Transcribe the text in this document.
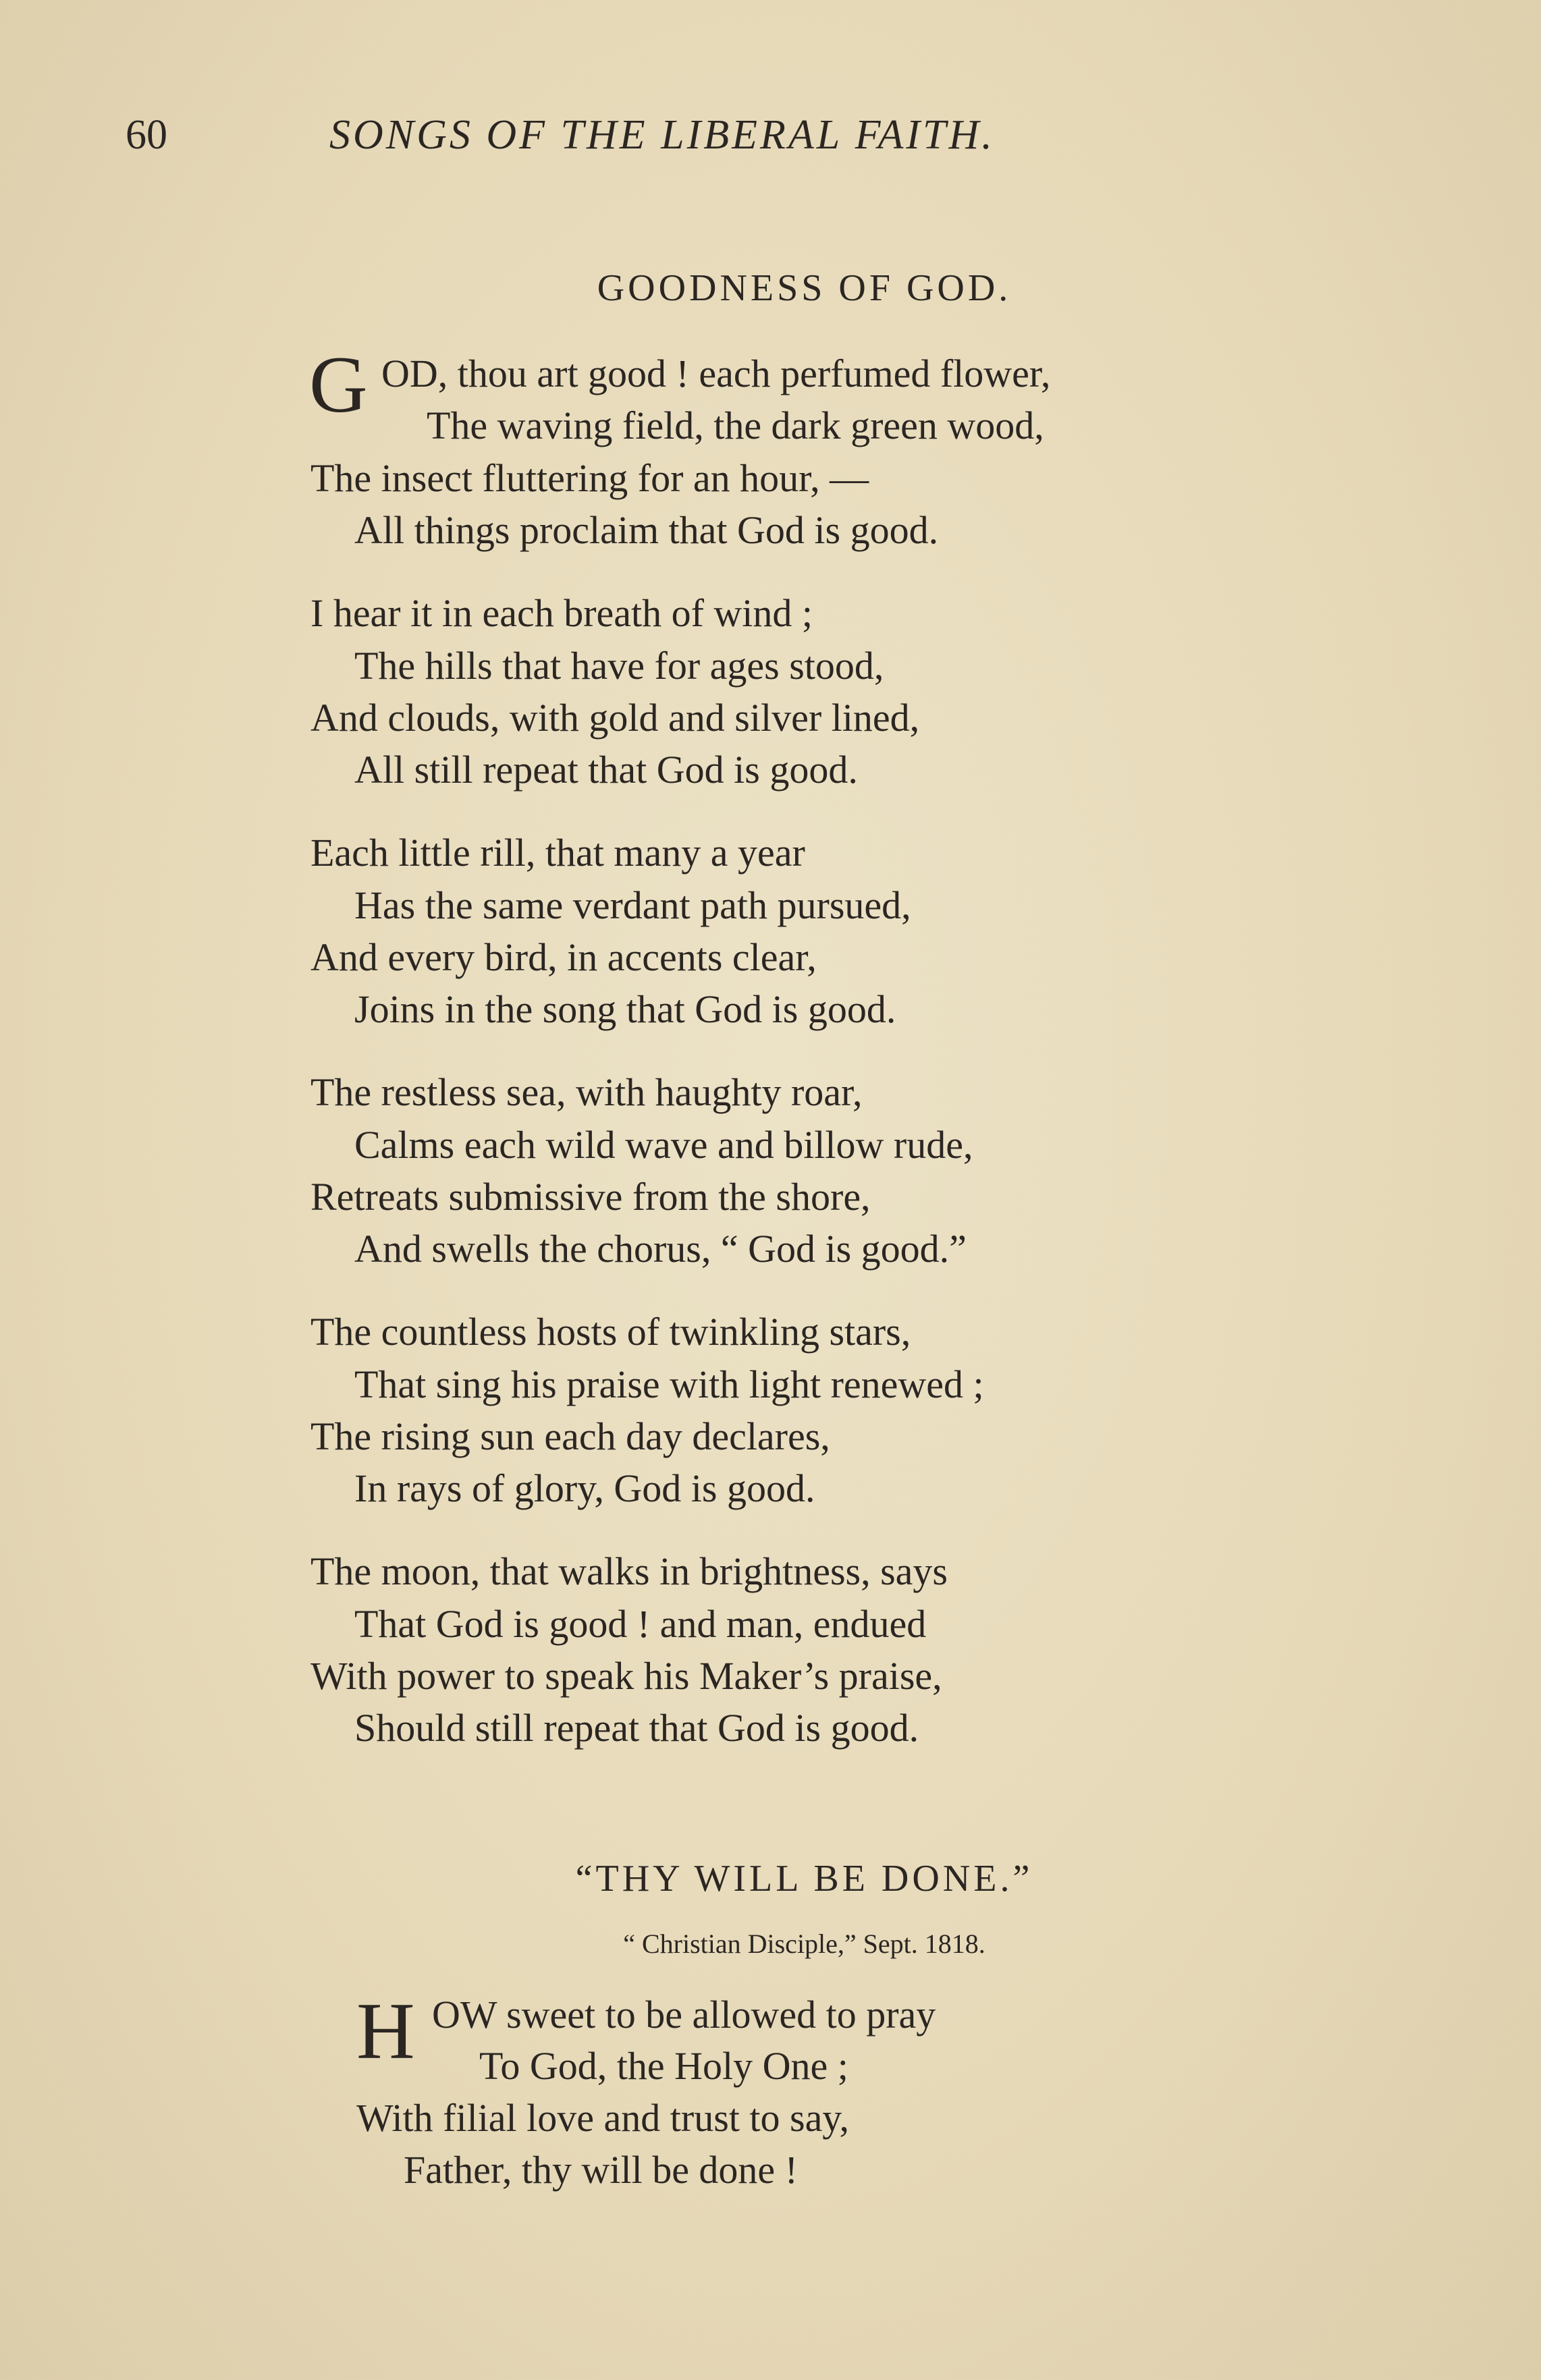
60	SONGS OF THE LIBERAL FAITH.
GOODNESS OF GOD.
G OD, thou art good ! each perfumed flower,
The waving field, the dark green wood,
The insect fluttering for an hour, —
All things proclaim that God is good.
I hear it in each breath of wind ;
The hills that have for ages stood,
And clouds, with gold and silver lined,
All still repeat that God is good.
Each little rill, that many a year
Has the same verdant path pursued,
And every bird, in accents clear,
Joins in the song that God is good.
The restless sea, with haughty roar,
Calms each wild wave and billow rude,
Retreats submissive from the shore,
And swells the chorus, “ God is good.”
The countless hosts of twinkling stars,
That sing his praise with light renewed ;
The rising sun each day declares,
In rays of glory, God is good.
The moon, that walks in brightness, says
That God is good ! and man, endued
With power to speak his Maker’s praise,
Should still repeat that God is good.
“THY WILL BE DONE.”
“ Christian Disciple,” Sept. 1818.
H OW sweet to be allowed to pray
To God, the Holy One ;
With filial love and trust to say,
Father, thy will be done !
